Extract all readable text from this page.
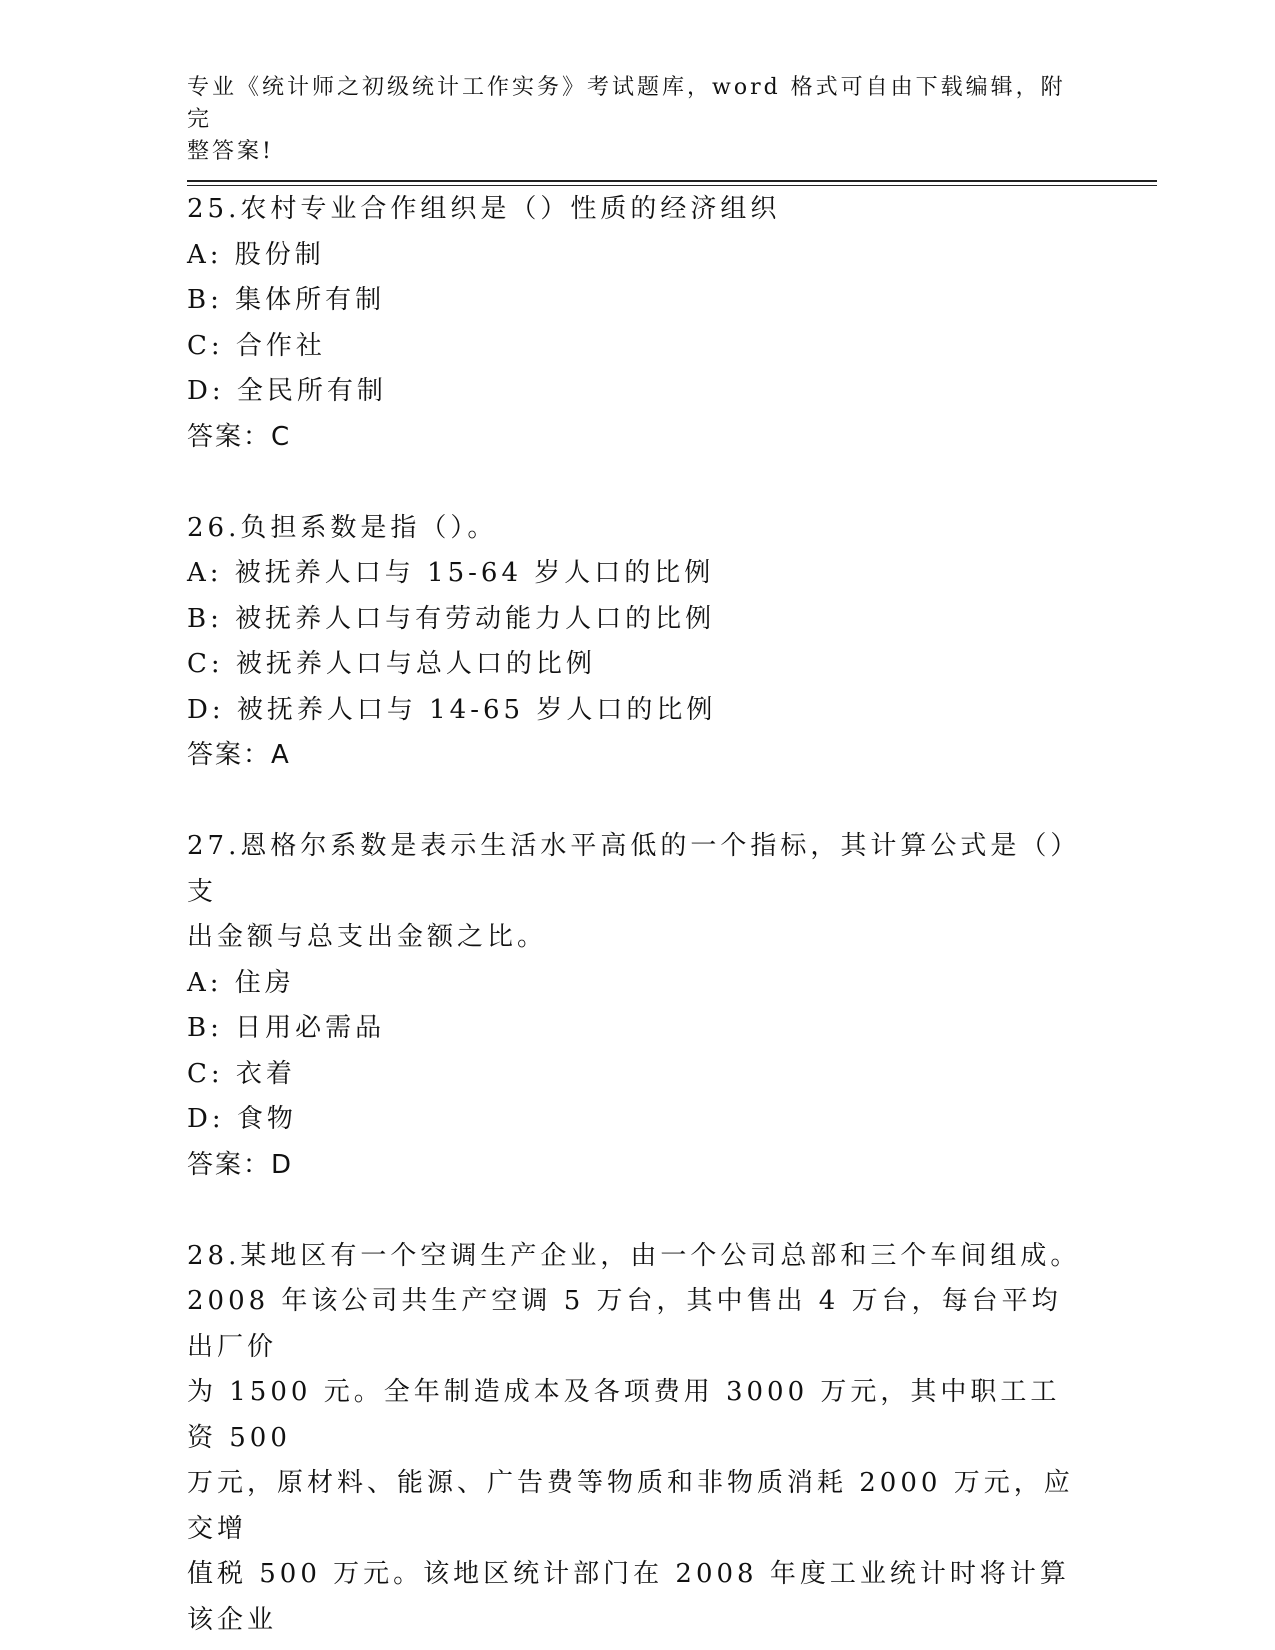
专业《统计师之初级统计工作实务》考试题库，word 格式可自由下载编辑，附完
整答案!

25.农村专业合作组织是（）性质的经济组织

A: 股份制

B: 集体所有制

C: 合作社

D: 全民所有制

答案：C

26.负担系数是指（）。

A: 被抚养人口与 15-64 岁人口的比例

B: 被抚养人口与有劳动能力人口的比例

C: 被抚养人口与总人口的比例

D: 被抚养人口与 14-65 岁人口的比例

答案：A

27.恩格尔系数是表示生活水平高低的一个指标，其计算公式是（）支

出金额与总支出金额之比。

A: 住房

B: 日用必需品

C: 衣着

D: 食物

答案：D

28.某地区有一个空调生产企业，由一个公司总部和三个车间组成。

2008 年该公司共生产空调 5 万台，其中售出 4 万台，每台平均出厂价

为 1500 元。全年制造成本及各项费用 3000 万元，其中职工工资 500

万元，原材料、能源、广告费等物质和非物质消耗 2000 万元，应交增

值税 500 万元。该地区统计部门在 2008 年度工业统计时将计算该企业
